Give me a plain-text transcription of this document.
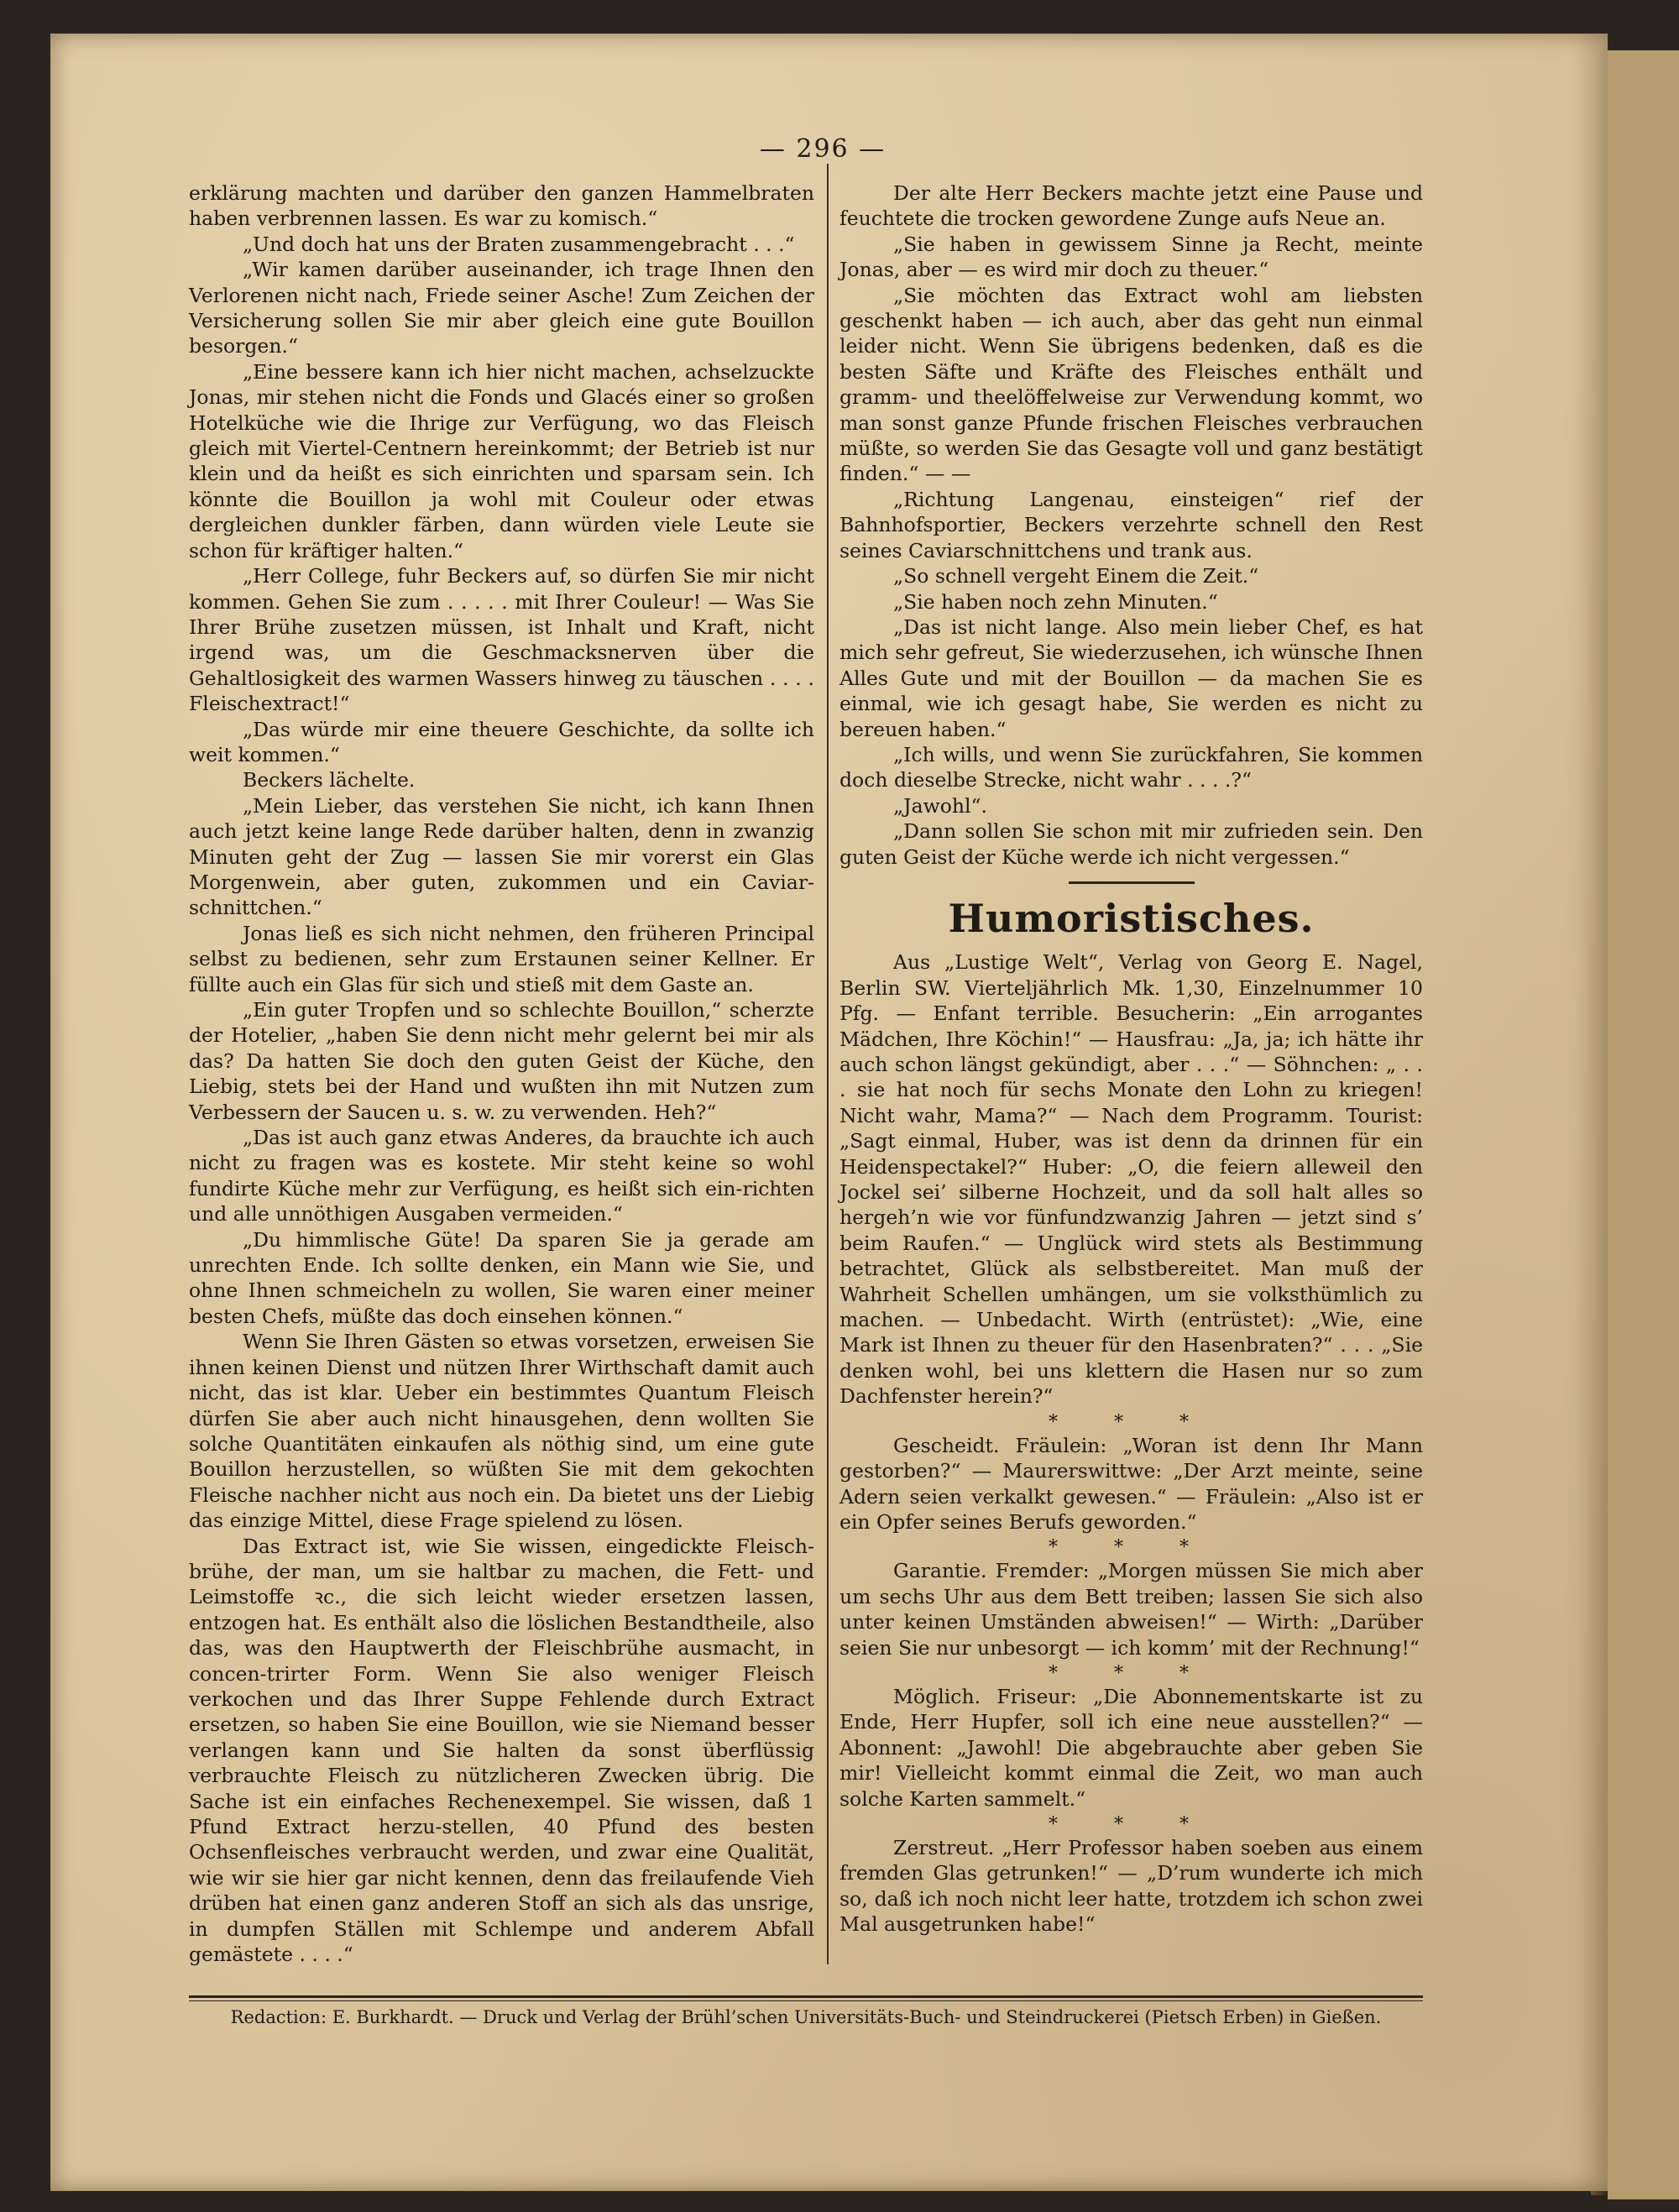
— 296 —

erklärung machten und darüber den ganzen Hammelbraten haben verbrennen lassen. Es war zu komisch.“

„Und doch hat uns der Braten zusammengebracht . . .“

„Wir kamen darüber auseinander, ich trage Ihnen den Verlorenen nicht nach, Friede seiner Asche! Zum Zeichen der Versicherung sollen Sie mir aber gleich eine gute Bouillon besorgen.“

„Eine bessere kann ich hier nicht machen, achselzuckte Jonas, mir stehen nicht die Fonds und Glacés einer so großen Hotelküche wie die Ihrige zur Verfügung, wo das Fleisch gleich mit Viertel-Centnern hereinkommt; der Betrieb ist nur klein und da heißt es sich einrichten und sparsam sein. Ich könnte die Bouillon ja wohl mit Couleur oder etwas dergleichen dunkler färben, dann würden viele Leute sie schon für kräftiger halten.“

„Herr College, fuhr Beckers auf, so dürfen Sie mir nicht kommen. Gehen Sie zum . . . . . mit Ihrer Couleur! — Was Sie Ihrer Brühe zusetzen müssen, ist Inhalt und Kraft, nicht irgend was, um die Geschmacksnerven über die Gehaltlosigkeit des warmen Wassers hinweg zu täuschen . . . . Fleischextract!“

„Das würde mir eine theuere Geschichte, da sollte ich weit kommen.“

Beckers lächelte.

„Mein Lieber, das verstehen Sie nicht, ich kann Ihnen auch jetzt keine lange Rede darüber halten, denn in zwanzig Minuten geht der Zug — lassen Sie mir vorerst ein Glas Morgenwein, aber guten, zukommen und ein Caviar-schnittchen.“

Jonas ließ es sich nicht nehmen, den früheren Principal selbst zu bedienen, sehr zum Erstaunen seiner Kellner. Er füllte auch ein Glas für sich und stieß mit dem Gaste an.

„Ein guter Tropfen und so schlechte Bouillon,“ scherzte der Hotelier, „haben Sie denn nicht mehr gelernt bei mir als das? Da hatten Sie doch den guten Geist der Küche, den Liebig, stets bei der Hand und wußten ihn mit Nutzen zum Verbessern der Saucen u. s. w. zu verwenden. Heh?“

„Das ist auch ganz etwas Anderes, da brauchte ich auch nicht zu fragen was es kostete. Mir steht keine so wohl fundirte Küche mehr zur Verfügung, es heißt sich ein-richten und alle unnöthigen Ausgaben vermeiden.“

„Du himmlische Güte! Da sparen Sie ja gerade am unrechten Ende. Ich sollte denken, ein Mann wie Sie, und ohne Ihnen schmeicheln zu wollen, Sie waren einer meiner besten Chefs, müßte das doch einsehen können.“

Wenn Sie Ihren Gästen so etwas vorsetzen, erweisen Sie ihnen keinen Dienst und nützen Ihrer Wirthschaft damit auch nicht, das ist klar. Ueber ein bestimmtes Quantum Fleisch dürfen Sie aber auch nicht hinausgehen, denn wollten Sie solche Quantitäten einkaufen als nöthig sind, um eine gute Bouillon herzustellen, so wüßten Sie mit dem gekochten Fleische nachher nicht aus noch ein. Da bietet uns der Liebig das einzige Mittel, diese Frage spielend zu lösen.

Das Extract ist, wie Sie wissen, eingedickte Fleisch-brühe, der man, um sie haltbar zu machen, die Fett- und Leimstoffe ꝛc., die sich leicht wieder ersetzen lassen, entzogen hat. Es enthält also die löslichen Bestandtheile, also das, was den Hauptwerth der Fleischbrühe ausmacht, in concen-trirter Form. Wenn Sie also weniger Fleisch verkochen und das Ihrer Suppe Fehlende durch Extract ersetzen, so haben Sie eine Bouillon, wie sie Niemand besser verlangen kann und Sie halten da sonst überflüssig verbrauchte Fleisch zu nützlicheren Zwecken übrig. Die Sache ist ein einfaches Rechenexempel. Sie wissen, daß 1 Pfund Extract herzu-stellen, 40 Pfund des besten Ochsenfleisches verbraucht werden, und zwar eine Qualität, wie wir sie hier gar nicht kennen, denn das freilaufende Vieh drüben hat einen ganz anderen Stoff an sich als das unsrige, in dumpfen Ställen mit Schlempe und anderem Abfall gemästete . . . .“

Der alte Herr Beckers machte jetzt eine Pause und feuchtete die trocken gewordene Zunge aufs Neue an.

„Sie haben in gewissem Sinne ja Recht, meinte Jonas, aber — es wird mir doch zu theuer.“

„Sie möchten das Extract wohl am liebsten geschenkt haben — ich auch, aber das geht nun einmal leider nicht. Wenn Sie übrigens bedenken, daß es die besten Säfte und Kräfte des Fleisches enthält und gramm- und theelöffelweise zur Verwendung kommt, wo man sonst ganze Pfunde frischen Fleisches verbrauchen müßte, so werden Sie das Gesagte voll und ganz bestätigt finden.“ — —

„Richtung Langenau, einsteigen“ rief der Bahnhofsportier, Beckers verzehrte schnell den Rest seines Caviarschnittchens und trank aus.

„So schnell vergeht Einem die Zeit.“

„Sie haben noch zehn Minuten.“

„Das ist nicht lange. Also mein lieber Chef, es hat mich sehr gefreut, Sie wiederzusehen, ich wünsche Ihnen Alles Gute und mit der Bouillon — da machen Sie es einmal, wie ich gesagt habe, Sie werden es nicht zu bereuen haben.“

„Ich wills, und wenn Sie zurückfahren, Sie kommen doch dieselbe Strecke, nicht wahr . . . .?“

„Jawohl“.

„Dann sollen Sie schon mit mir zufrieden sein. Den guten Geist der Küche werde ich nicht vergessen.“

Humoristisches.

Aus „Lustige Welt“, Verlag von Georg E. Nagel, Berlin SW. Vierteljährlich Mk. 1,30, Einzelnummer 10 Pfg. — Enfant terrible. Besucherin: „Ein arrogantes Mädchen, Ihre Köchin!“ — Hausfrau: „Ja, ja; ich hätte ihr auch schon längst gekündigt, aber . . .“ — Söhnchen: „ . . . sie hat noch für sechs Monate den Lohn zu kriegen! Nicht wahr, Mama?“ — Nach dem Programm. Tourist: „Sagt einmal, Huber, was ist denn da drinnen für ein Heidenspectakel?“ Huber: „O, die feiern alleweil den Jockel sei’ silberne Hochzeit, und da soll halt alles so hergeh’n wie vor fünfundzwanzig Jahren — jetzt sind s’ beim Raufen.“ — Unglück wird stets als Bestimmung betrachtet, Glück als selbstbereitet. Man muß der Wahrheit Schellen umhängen, um sie volksthümlich zu machen. — Unbedacht. Wirth (entrüstet): „Wie, eine Mark ist Ihnen zu theuer für den Hasenbraten?“ . . . „Sie denken wohl, bei uns klettern die Hasen nur so zum Dachfenster herein?“

* * *

Gescheidt. Fräulein: „Woran ist denn Ihr Mann gestorben?“ — Maurerswittwe: „Der Arzt meinte, seine Adern seien verkalkt gewesen.“ — Fräulein: „Also ist er ein Opfer seines Berufs geworden.“

* * *

Garantie. Fremder: „Morgen müssen Sie mich aber um sechs Uhr aus dem Bett treiben; lassen Sie sich also unter keinen Umständen abweisen!“ — Wirth: „Darüber seien Sie nur unbesorgt — ich komm’ mit der Rechnung!“

* * *

Möglich. Friseur: „Die Abonnementskarte ist zu Ende, Herr Hupfer, soll ich eine neue ausstellen?“ — Abonnent: „Jawohl! Die abgebrauchte aber geben Sie mir! Vielleicht kommt einmal die Zeit, wo man auch solche Karten sammelt.“

* * *

Zerstreut. „Herr Professor haben soeben aus einem fremden Glas getrunken!“ — „D’rum wunderte ich mich so, daß ich noch nicht leer hatte, trotzdem ich schon zwei Mal ausgetrunken habe!“

Redaction: E. Burkhardt. — Druck und Verlag der Brühl’schen Universitäts-Buch- und Steindruckerei (Pietsch Erben) in Gießen.
